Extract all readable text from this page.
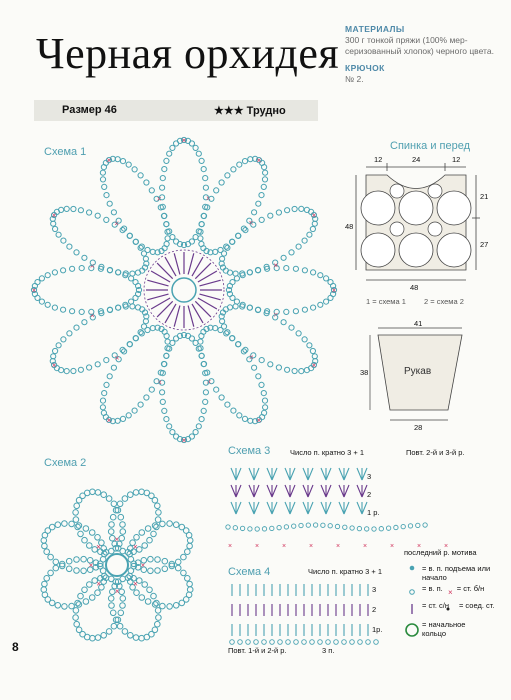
Черная орхидея МАТЕРИАЛЫ
300 г тонкой пряжи (100% мер-серизованный хлопок) черного цвета.
КРЮЧОК
№ 2.
Размер 46	★★★ Трудно
×
×
×
×
×
×
×
×
×
×
×
×
×
×
×
×
×
×
×
×
×
×
×
×
×
×
×
×
×
×
×
×	×	×	×	×	×	×	×	×	×
×
Схема 1
Схема 2
Спинка и перед
12	24	12
21
27
48
48
1 = схема 1 2 = схема 2
41
38
28
Рукав
Схема 3	Число п. кратно 3 + 1	Повт. 2-й и 3-й р.
3
2
1 р.
последний р. мотива
Схема 4	Число п. кратно 3 + 1
3
2
1р.
Повт. 1-й и 2-й р.	3 п.
= в. п. подъема или начало
= в. п. = ст. б/н
= ст. с/н = соед. ст.
= начальное кольцо
8
